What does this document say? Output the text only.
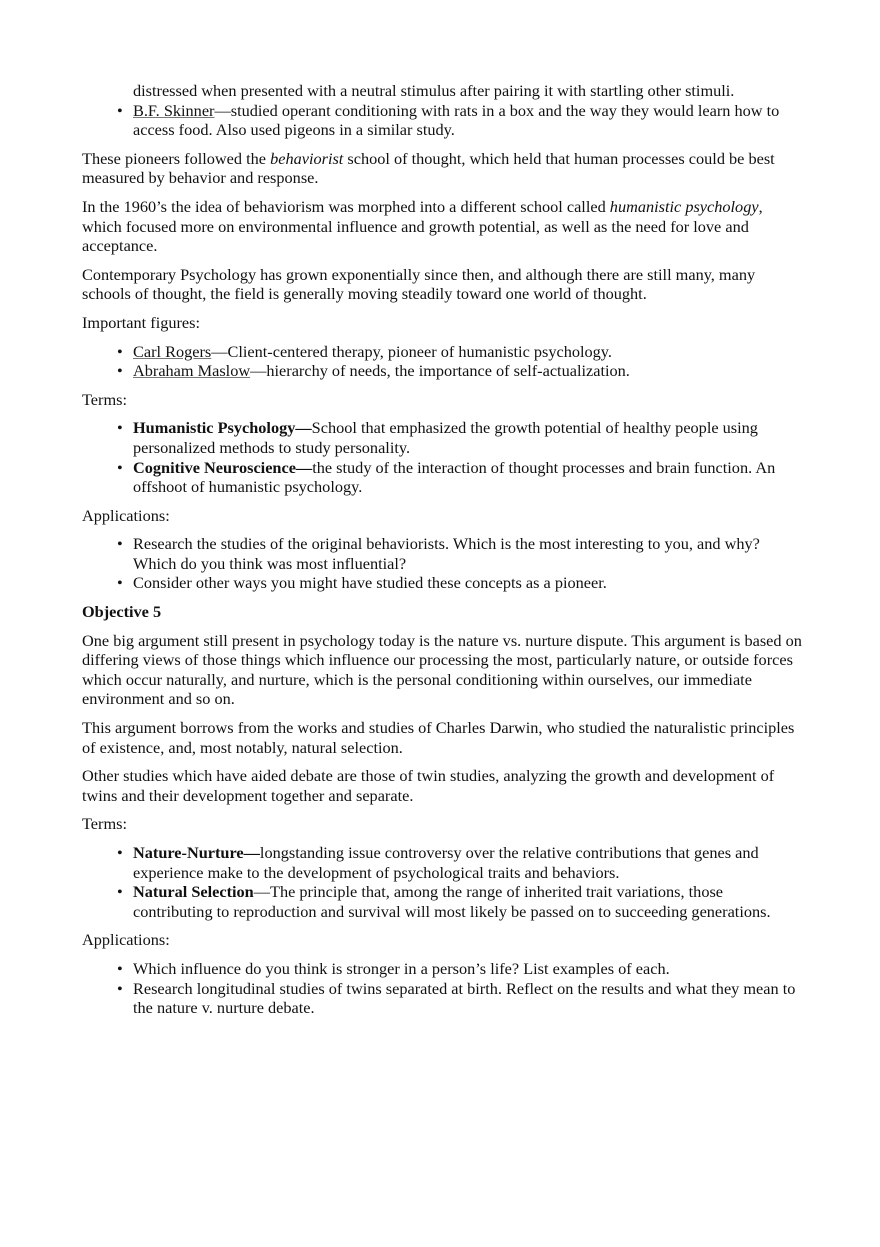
distressed when presented with a neutral stimulus after pairing it with startling other stimuli.
• B.F. Skinner—studied operant conditioning with rats in a box and the way they would learn how to access food. Also used pigeons in a similar study.

These pioneers followed the behaviorist school of thought, which held that human processes could be best measured by behavior and response.

In the 1960’s the idea of behaviorism was morphed into a different school called humanistic psychology, which focused more on environmental influence and growth potential, as well as the need for love and acceptance.

Contemporary Psychology has grown exponentially since then, and although there are still many, many schools of thought, the field is generally moving steadily toward one world of thought.

Important figures:

• Carl Rogers—Client-centered therapy, pioneer of humanistic psychology.
• Abraham Maslow—hierarchy of needs, the importance of self-actualization.

Terms:

• Humanistic Psychology—School that emphasized the growth potential of healthy people using personalized methods to study personality.
• Cognitive Neuroscience—the study of the interaction of thought processes and brain function. An offshoot of humanistic psychology.

Applications:

• Research the studies of the original behaviorists. Which is the most interesting to you, and why? Which do you think was most influential?
• Consider other ways you might have studied these concepts as a pioneer.
Objective 5

One big argument still present in psychology today is the nature vs. nurture dispute. This argument is based on differing views of those things which influence our processing the most, particularly nature, or outside forces which occur naturally, and nurture, which is the personal conditioning within ourselves, our immediate environment and so on.

This argument borrows from the works and studies of Charles Darwin, who studied the naturalistic principles of existence, and, most notably, natural selection.

Other studies which have aided debate are those of twin studies, analyzing the growth and development of twins and their development together and separate.

Terms:

• Nature-Nurture—longstanding issue controversy over the relative contributions that genes and experience make to the development of psychological traits and behaviors.
• Natural Selection—The principle that, among the range of inherited trait variations, those contributing to reproduction and survival will most likely be passed on to succeeding generations.

Applications:

• Which influence do you think is stronger in a person’s life? List examples of each.
• Research longitudinal studies of twins separated at birth. Reflect on the results and what they mean to the nature v. nurture debate.
